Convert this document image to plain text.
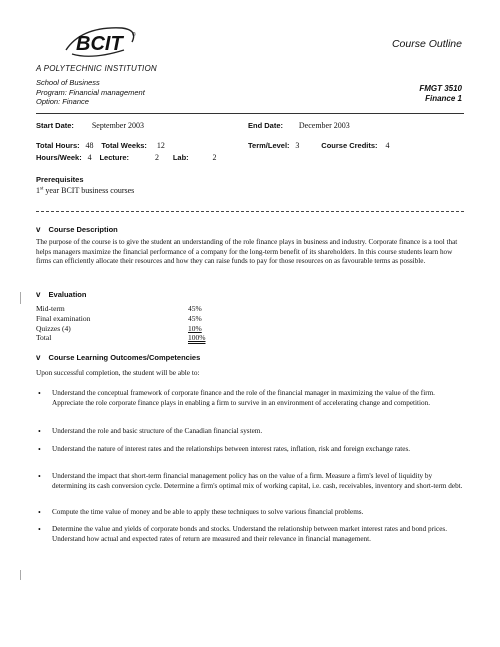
BCIT	®
A POLYTECHNIC INSTITUTION
Course Outline
School of Business
Program: Financial management
Option: Finance
FMGT 3510
Finance 1
Start Date: September 2003	End Date: December 2003
Total Hours: 48 Total Weeks: 12	Term/Level: 3	Course Credits: 4
Hours/Week: 4 Lecture:	2 Lab:	2
Prerequisites
1st year BCIT business courses
v Course Description
The purpose of the course is to give the student an understanding of the role finance plays in business and industry. Corporate finance is a tool that helps managers maximize the financial performance of a company for the long-term benefit of its shareholders. In this course students learn how firms can efficiently allocate their resources and how they can raise funds to pay for those resources on as favourable terms as possible.
v Evaluation
Mid-term	45%
Final examination	45%
Quizzes (4)	10%
Total	100%
v Course Learning Outcomes/Competencies
Upon successful completion, the student will be able to:
•	Understand the conceptual framework of corporate finance and the role of the financial manager in maximizing the value of the firm. Appreciate the role corporate finance plays in enabling a firm to survive in an environment of accelerating change and competition.
•	Understand the role and basic structure of the Canadian financial system.
•	Understand the nature of interest rates and the relationships between interest rates, inflation, risk and foreign exchange rates.
•	Understand the impact that short-term financial management policy has on the value of a firm. Measure a firm's level of liquidity by determining its cash conversion cycle. Determine a firm's optimal mix of working capital, i.e. cash, receivables, inventory and short-term debt.
•	Compute the time value of money and be able to apply these techniques to solve various financial problems.
•	Determine the value and yields of corporate bonds and stocks. Understand the relationship between market interest rates and bond prices. Understand how actual and expected rates of return are measured and their relevance in financial management.
